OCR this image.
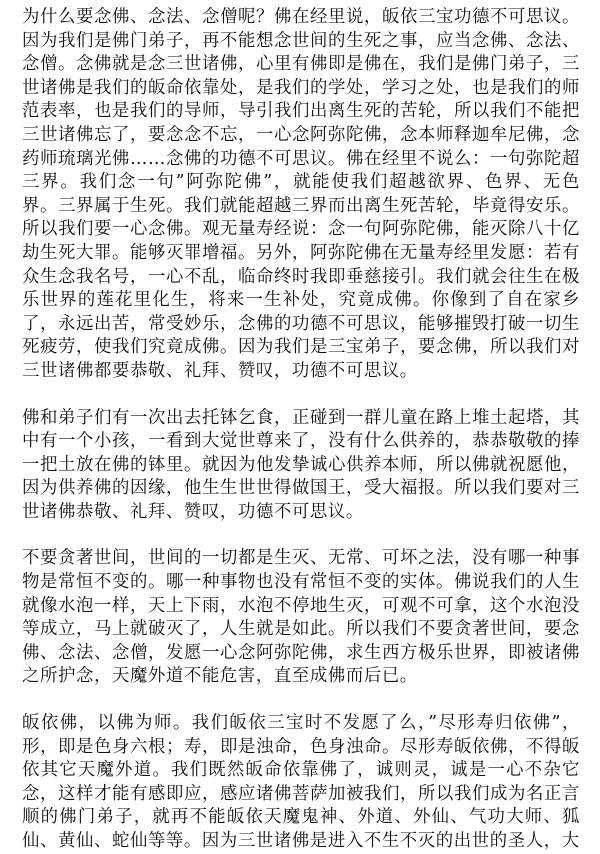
为什么要念佛、念法、念僧呢？佛在经里说，皈依三宝功德不可思议。因为我们是佛门弟子，再不能想念世间的生死之事，应当念佛、念法、念僧。念佛就是念三世诸佛，心里有佛即是佛在，我们是佛门弟子，三世诸佛是我们的皈命依靠处，是我们的学处，学习之处，也是我们的师范表率，也是我们的导师，导引我们出离生死的苦轮，所以我们不能把三世诸佛忘了，要念念不忘，一心念阿弥陀佛，念本师释迦牟尼佛，念药师琉璃光佛……念佛的功德不可思议。佛在经里不说么：一句弥陀超三界。我们念一句”阿弥陀佛”，就能使我们超越欲界、色界、无色界。三界属于生死。我们就能超越三界而出离生死苦轮，毕竟得安乐。所以我们要一心念佛。观无量寿经说：念一句阿弥陀佛，能灭除八十亿劫生死大罪。能够灭罪增福。另外，阿弥陀佛在无量寿经里发愿：若有众生念我名号，一心不乱，临命终时我即垂慈接引。我们就会往生在极乐世界的莲花里化生，将来一生补处，究竟成佛。你像到了自在家乡了，永远出苦，常受妙乐，念佛的功德不可思议，能够摧毁打破一切生死疲劳，使我们究竟成佛。因为我们是三宝弟子，要念佛，所以我们对三世诸佛都要恭敬、礼拜、赞叹，功德不可思议。

佛和弟子们有一次出去托钵乞食，正碰到一群儿童在路上堆土起塔，其中有一个小孩，一看到大觉世尊来了，没有什么供养的，恭恭敬敬的捧一把土放在佛的钵里。就因为他发挚诚心供养本师，所以佛就祝愿他，因为供养佛的因缘，他生生世世得做国王，受大福报。所以我们要对三世诸佛恭敬、礼拜、赞叹，功德不可思议。

不要贪著世间，世间的一切都是生灭、无常、可坏之法，没有哪一种事物是常恒不变的。哪一种事物也没有常恒不变的实体。佛说我们的人生就像水泡一样，天上下雨，水泡不停地生灭，可观不可拿，这个水泡没等成立，马上就破灭了，人生就是如此。所以我们不要贪著世间，要念佛、念法、念僧，发愿一心念阿弥陀佛，求生西方极乐世界，即被诸佛之所护念，天魔外道不能危害，直至成佛而后已。

皈依佛，以佛为师。我们皈依三宝时不发愿了么，”尽形寿归依佛”，形，即是色身六根；寿，即是浊命，色身浊命。尽形寿皈依佛，不得皈依其它天魔外道。我们既然皈命依靠佛了，诚则灵，诚是一心不杂它念，这样才能有感即应，感应诸佛菩萨加被我们，所以我们成为名正言顺的佛门弟子，就再不能皈依天魔鬼神、外道、外仙、气功大师、狐仙、黄仙、蛇仙等等。因为三世诸佛是进入不生不灭的出世的圣人，大
